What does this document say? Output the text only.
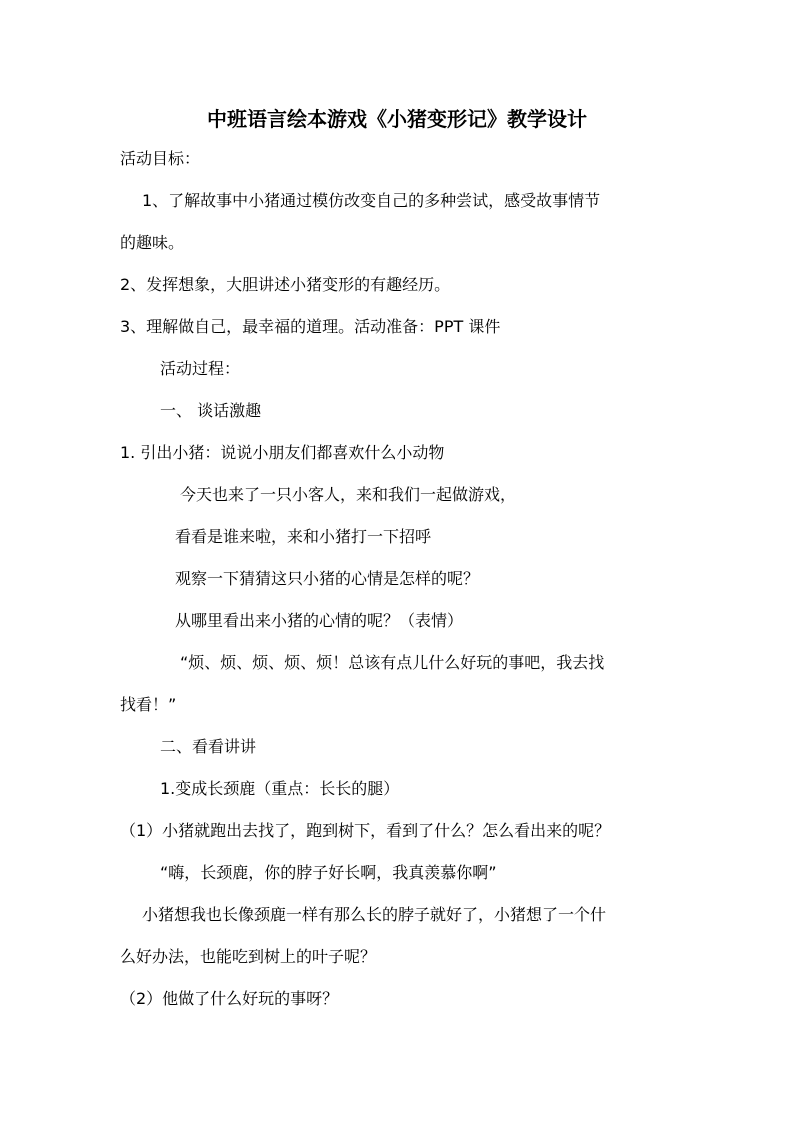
中班语言绘本游戏《小猪变形记》教学设计
活动目标：
1、了解故事中小猪通过模仿改变自己的多种尝试，感受故事情节
的趣味。
2、发挥想象，大胆讲述小猪变形的有趣经历。
3、理解做自己，最幸福的道理。活动准备：PPT 课件
活动过程：
一、 谈话激趣
1. 引出小猪：说说小朋友们都喜欢什么小动物
今天也来了一只小客人，来和我们一起做游戏，
看看是谁来啦，来和小猪打一下招呼
观察一下猜猜这只小猪的心情是怎样的呢？
从哪里看出来小猪的心情的呢？（表情）
“烦、烦、烦、烦、烦！总该有点儿什么好玩的事吧，我去找
找看！”
二、看看讲讲
1.变成长颈鹿（重点：长长的腿）
（1）小猪就跑出去找了，跑到树下，看到了什么？怎么看出来的呢？
“嗨，长颈鹿，你的脖子好长啊，我真羡慕你啊”
小猪想我也长像颈鹿一样有那么长的脖子就好了，小猪想了一个什
么好办法，也能吃到树上的叶子呢？
（2）他做了什么好玩的事呀？
